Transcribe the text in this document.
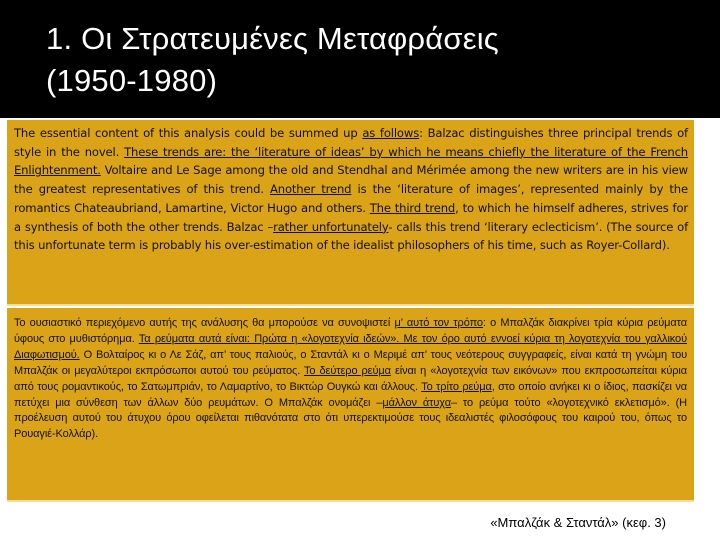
1. Οι Στρατευμένες Μεταφράσεις
(1950-1980)

The essential content of this analysis could be summed up as follows: Balzac distinguishes three principal trends of style in the novel. These trends are: the ‘literature of ideas’ by which he means chiefly the literature of the French Enlightenment. Voltaire and Le Sage among the old and Stendhal and Mérimée among the new writers are in his view the greatest representatives of this trend. Another trend is the ‘literature of images’, represented mainly by the romantics Chateaubriand, Lamartine, Victor Hugo and others. The third trend, to which he himself adheres, strives for a synthesis of both the other trends. Balzac –rather unfortunately- calls this trend ‘literary eclecticism’. (The source of this unfortunate term is probably his over-estimation of the idealist philosophers of his time, such as Royer-Collard).

Το ουσιαστικό περιεχόμενο αυτής της ανάλυσης θα μπορούσε να συνοψιστεί μ’ αυτό τον τρόπο: ο Μπαλζάκ διακρίνει τρία κύρια ρεύματα ύφους στο μυθιστόρημα. Τα ρεύματα αυτά είναι: Πρώτα η «λογοτεχνία ιδεών». Με τον όρο αυτό εννοεί κύρια τη λογοτεχνία του γαλλικού Διαφωτισμού. Ο Βολταίρος κι ο Λε Σάζ, απ’ τους παλιούς, ο Σταντάλ κι ο Μεριμέ απ’ τους νεότερους συγγραφείς, είναι κατά τη γνώμη του Μπαλζάκ οι μεγαλύτεροι εκπρόσωποι αυτού του ρεύματος. Το δεύτερο ρεύμα είναι η «λογοτεχνία των εικόνων» που εκπροσωπείται κύρια από τους ρομαντικούς, το Σατωμπριάν, το Λαμαρτίνο, το Βικτώρ Ουγκώ και άλλους. Το τρίτο ρεύμα, στο οποίο ανήκει κι ο ίδιος, πασκίζει να πετύχει μια σύνθεση των άλλων δύο ρευμάτων. Ο Μπαλζάκ ονομάζει –μάλλον άτυχα– το ρεύμα τούτο «λογοτεχνικό εκλετισμό». (Η προέλευση αυτού του άτυχου όρου οφείλεται πιθανότατα στο ότι υπερεκτιμούσε τους ιδεαλιστές φιλοσόφους του καιρού του, όπως το Ρουαγιέ-Κολλάρ).

«Μπαλζάκ & Σταντάλ» (κεφ. 3)
